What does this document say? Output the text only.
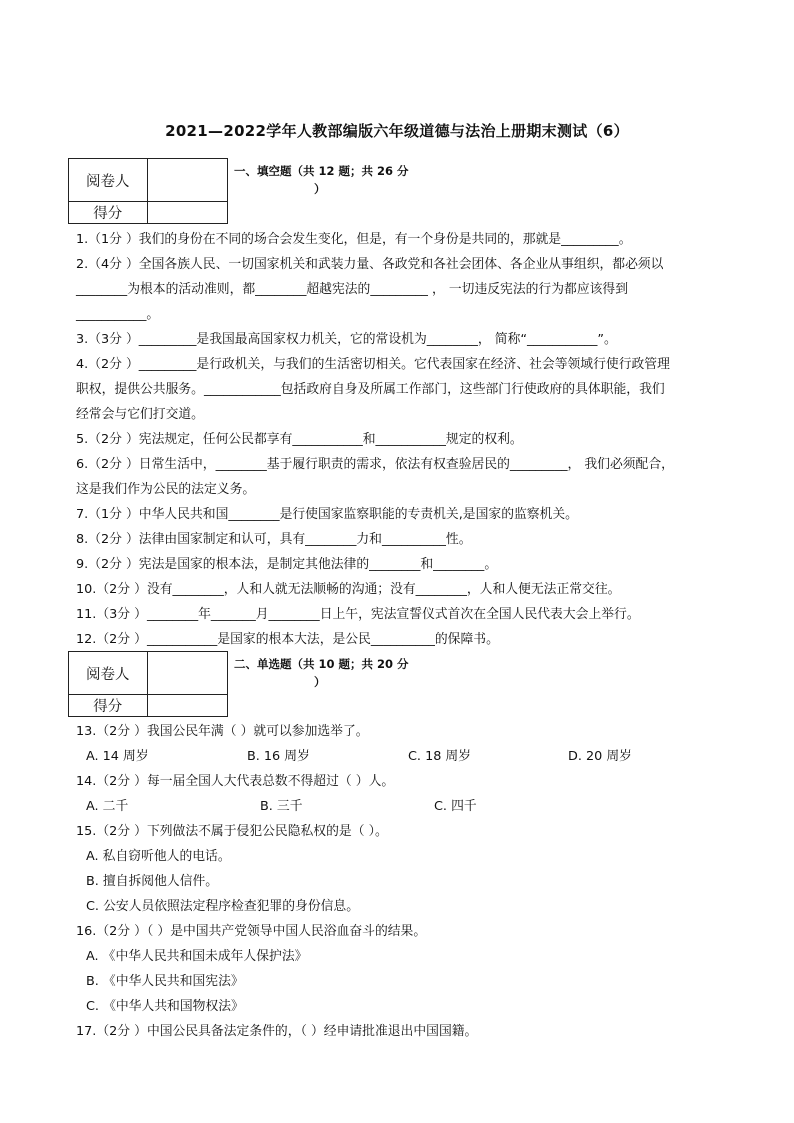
2021—2022学年人教部编版六年级道德与法治上册期末测试（6）
阅卷人	
得分	
一、填空题（共 12 题；共 26 分
）
1.（1分 ）我们的身份在不同的场合会发生变化，但是，有一个身份是共同的，那就是_________。
2.（4分 ）全国各族人民、一切国家机关和武装力量、各政党和各社会团体、各企业从事组织，都必须以
________为根本的活动准则，都________超越宪法的_________ ， 一切违反宪法的行为都应该得到
___________。
3.（3分 ）_________是我国最高国家权力机关，它的常设机为________， 简称“___________”。
4.（2分 ）_________是行政机关，与我们的生活密切相关。它代表国家在经济、社会等领域行使行政管理
职权，提供公共服务。____________包括政府自身及所属工作部门，这些部门行使政府的具体职能，我们
经常会与它们打交道。
5.（2分 ）宪法规定，任何公民都享有___________和___________规定的权利。
6.（2分 ）日常生活中，________基于履行职责的需求，依法有权查验居民的_________， 我们必须配合，
这是我们作为公民的法定义务。
7.（1分 ）中华人民共和国________是行使国家监察职能的专责机关,是国家的监察机关。
8.（2分 ）法律由国家制定和认可，具有________力和__________性。
9.（2分 ）宪法是国家的根本法，是制定其他法律的________和________。
10.（2分 ）没有________，人和人就无法顺畅的沟通；没有________，人和人便无法正常交往。
11.（3分 ）________年_______月________日上午，宪法宣誓仪式首次在全国人民代表大会上举行。
12.（2分 ）___________是国家的根本大法，是公民__________的保障书。
阅卷人	
得分	
二、单选题（共 10 题；共 20 分
）
13.（2分 ）我国公民年满（ ）就可以参加选举了。
A. 14 周岁	B. 16 周岁	C. 18 周岁	D. 20 周岁
14.（2分 ）每一届全国人大代表总数不得超过（ ）人。
A. 二千	B. 三千	C. 四千
15.（2分 ）下列做法不属于侵犯公民隐私权的是（ ）。
A. 私自窃听他人的电话。
B. 擅自拆阅他人信件。
C. 公安人员依照法定程序检查犯罪的身份信息。
16.（2分 ）（ ）是中国共产党领导中国人民浴血奋斗的结果。
A. 《中华人民共和国未成年人保护法》
B. 《中华人民共和国宪法》
C. 《中华人共和国物权法》
17.（2分 ）中国公民具备法定条件的，（ ）经申请批准退出中国国籍。
